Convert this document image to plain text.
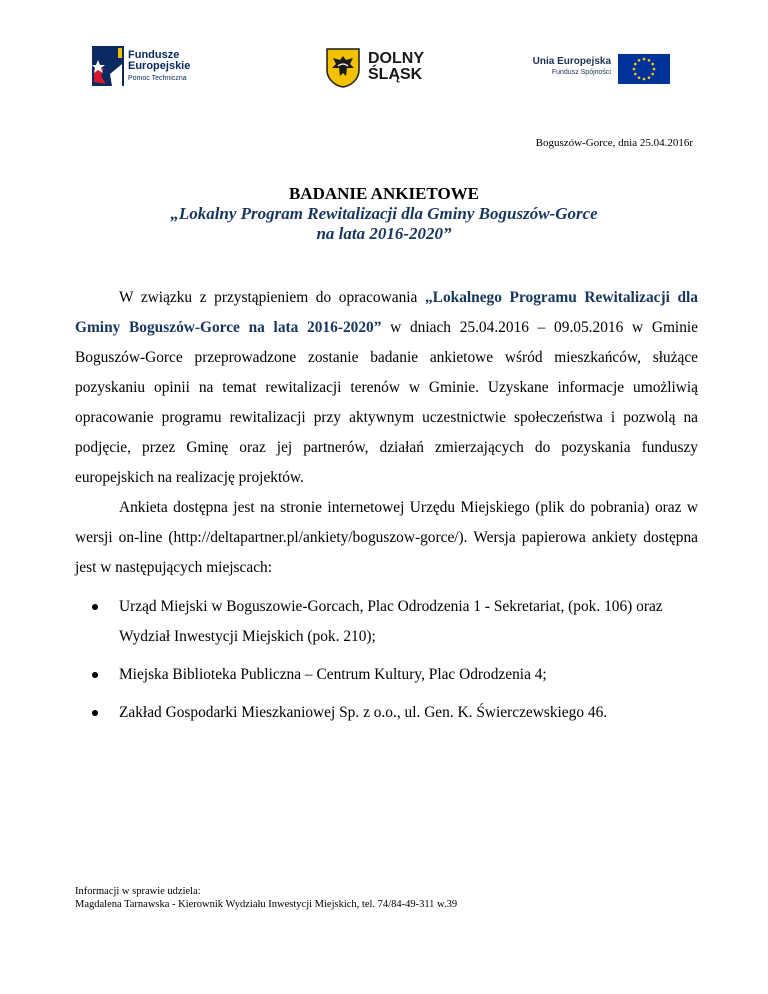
Fundusze
Europejskie
Pomoc Techniczna
DOLNY
ŚLĄSK
Unia Europejska
Fundusz Spójności
Boguszów-Gorce, dnia 25.04.2016r
BADANIE ANKIETOWE
„Lokalny Program Rewitalizacji dla Gminy Boguszów-Gorce
na lata 2016-2020”

W związku z przystąpieniem do opracowania „Lokalnego Programu Rewitalizacji dla Gminy Boguszów-Gorce na lata 2016-2020” w dniach 25.04.2016 – 09.05.2016 w Gminie Boguszów-Gorce przeprowadzone zostanie badanie ankietowe wśród mieszkańców, służące pozyskaniu opinii na temat rewitalizacji terenów w Gminie. Uzyskane informacje umożliwią opracowanie programu rewitalizacji przy aktywnym uczestnictwie społeczeństwa i pozwolą na podjęcie, przez Gminę oraz jej partnerów, działań zmierzających do pozyskania funduszy europejskich na realizację projektów.

Ankieta dostępna jest na stronie internetowej Urzędu Miejskiego (plik do pobrania) oraz w wersji on-line (http://deltapartner.pl/ankiety/boguszow-gorce/). Wersja papierowa ankiety dostępna jest w następujących miejscach:

Urząd Miejski w Boguszowie-Gorcach, Plac Odrodzenia 1 - Sekretariat, (pok. 106) oraz Wydział Inwestycji Miejskich (pok. 210);
Miejska Biblioteka Publiczna – Centrum Kultury, Plac Odrodzenia 4;
Zakład Gospodarki Mieszkaniowej Sp. z o.o., ul. Gen. K. Świerczewskiego 46.
Informacji w sprawie udziela:
Magdalena Tarnawska - Kierownik Wydziału Inwestycji Miejskich, tel. 74/84-49-311 w.39
